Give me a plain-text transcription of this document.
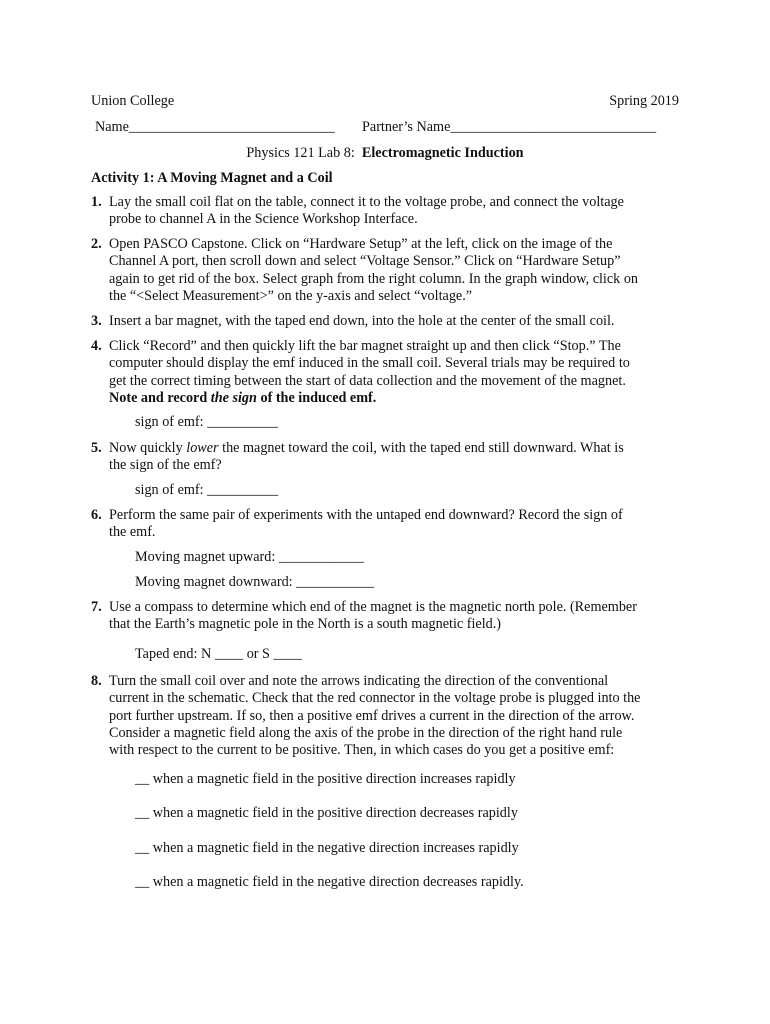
Union College	Spring 2019
Name_____________________________ Partner’s Name_____________________________
Physics 121 Lab 8: Electromagnetic Induction
Activity 1: A Moving Magnet and a Coil
1. Lay the small coil flat on the table, connect it to the voltage probe, and connect the voltage
probe to channel A in the Science Workshop Interface.
2. Open PASCO Capstone. Click on “Hardware Setup” at the left, click on the image of the
Channel A port, then scroll down and select “Voltage Sensor.” Click on “Hardware Setup”
again to get rid of the box. Select graph from the right column. In the graph window, click on
the “<Select Measurement>” on the y-axis and select “voltage.”
3. Insert a bar magnet, with the taped end down, into the hole at the center of the small coil.
4. Click “Record” and then quickly lift the bar magnet straight up and then click “Stop.” The
computer should display the emf induced in the small coil. Several trials may be required to
get the correct timing between the start of data collection and the movement of the magnet.
Note and record the sign of the induced emf.
sign of emf: __________
5. Now quickly lower the magnet toward the coil, with the taped end still downward. What is
the sign of the emf?
sign of emf: __________
6. Perform the same pair of experiments with the untaped end downward? Record the sign of
the emf.
Moving magnet upward: ____________
Moving magnet downward: ___________
7. Use a compass to determine which end of the magnet is the magnetic north pole. (Remember
that the Earth’s magnetic pole in the North is a south magnetic field.)
Taped end: N ____ or S ____
8. Turn the small coil over and note the arrows indicating the direction of the conventional
current in the schematic. Check that the red connector in the voltage probe is plugged into the
port further upstream. If so, then a positive emf drives a current in the direction of the arrow.
Consider a magnetic field along the axis of the probe in the direction of the right hand rule
with respect to the current to be positive. Then, in which cases do you get a positive emf:
__ when a magnetic field in the positive direction increases rapidly
__ when a magnetic field in the positive direction decreases rapidly
__ when a magnetic field in the negative direction increases rapidly
__ when a magnetic field in the negative direction decreases rapidly.
